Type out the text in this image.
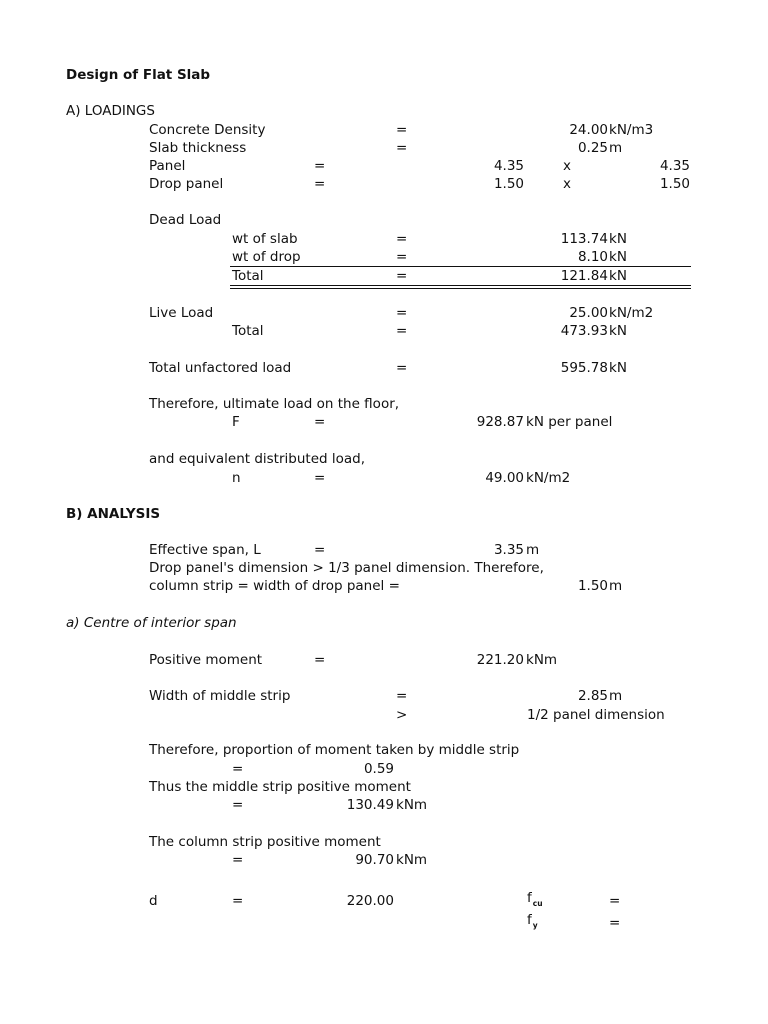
Design of Flat Slab
A) LOADINGS
Concrete Density	=	24.00 kN/m3
Slab thickness	=	0.25 m
Panel	=	4.35	x	4.35
Drop panel	=	1.50	x	1.50
Dead Load
wt of slab	=	113.74 kN
wt of drop	=	8.10 kN
Total	=	121.84 kN
Live Load	=	25.00 kN/m2
Total	=	473.93 kN
Total unfactored load	=	595.78 kN
Therefore, ultimate load on the floor,
F	=	928.87 kN per panel
and equivalent distributed load,
n	=	49.00 kN/m2
B) ANALYSIS
Effective span, L	=	3.35 m
Drop panel's dimension > 1/3 panel dimension. Therefore,
column strip = width of drop panel =	1.50 m
a) Centre of interior span
Positive moment	=	221.20 kNm
Width of middle strip	=	2.85 m
>	1/2 panel dimension
Therefore, proportion of moment taken by middle strip
=	0.59
Thus the middle strip positive moment
=	130.49 kNm
The column strip positive moment
=	90.70 kNm
d	=	220.00	$f_{cu}$	=
$f_y$	=
